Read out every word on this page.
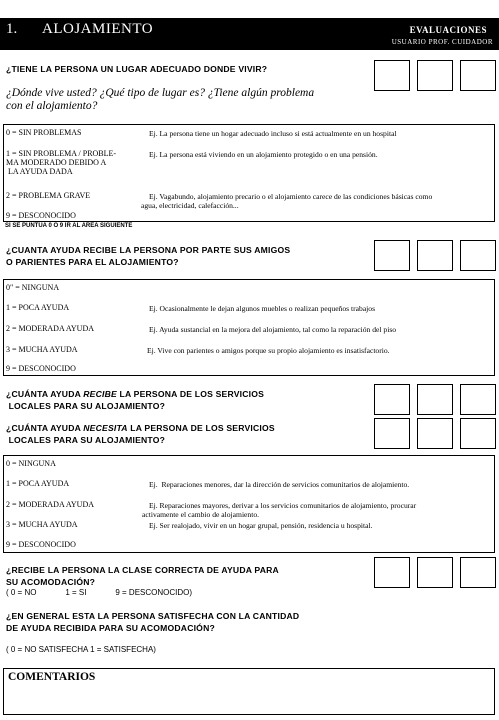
1. ALOJAMIENTO	EVALUACIONES
USUARIO PROF. CUIDADOR
¿TIENE LA PERSONA UN LUGAR ADECUADO DONDE VIVIR?
¿Dónde vive usted? ¿Qué tipo de lugar es? ¿Tiene algún problema
con el alojamiento?
0 = SIN PROBLEMAS	Ej. La persona tiene un hogar adecuado incluso si está actualmente en un hospital
1 = SIN PROBLEMA / PROBLE-
MA MODERADO DEBIDO A
LA AYUDA DADA
Ej. La persona está viviendo en un alojamiento protegido o en una pensión.
2 = PROBLEMA GRAVE	Ej. Vagabundo, alojamiento precario o el alojamiento carece de las condiciones básicas como
agua, electricidad, calefacción...
9 = DESCONOCIDO
SI SE PUNTUA 0 O 9 IR AL AREA SIGUIENTE
¿CUANTA AYUDA RECIBE LA PERSONA POR PARTE SUS AMIGOS
O PARIENTES PARA EL ALOJAMIENTO?
0" = NINGUNA
1 = POCA AYUDA	Ej. Ocasionalmente le dejan algunos muebles o realizan pequeños trabajos
2 = MODERADA AYUDA	Ej. Ayuda sustancial en la mejora del alojamiento, tal como la reparación del piso
3 = MUCHA AYUDA	Ej. Vive con parientes o amigos porque su propio alojamiento es insatisfactorio.
9 = DESCONOCIDO
¿CUÁNTA AYUDA RECIBE LA PERSONA DE LOS SERVICIOS
LOCALES PARA SU ALOJAMIENTO?
¿CUÁNTA AYUDA NECESITA LA PERSONA DE LOS SERVICIOS
LOCALES PARA SU ALOJAMIENTO?
0 = NINGUNA
1 = POCA AYUDA	Ej.  Reparaciones menores, dar la dirección de servicios comunitarios de alojamiento.
2 = MODERADA AYUDA	Ej. Reparaciones mayores, derivar a los servicios comunitarios de alojamiento, procurar
activamente el cambio de alojamiento.
3 = MUCHA AYUDA	Ej. Ser realojado, vivir en un hogar grupal, pensión, residencia u hospital.
9 = DESCONOCIDO
¿RECIBE LA PERSONA LA CLASE CORRECTA DE AYUDA PARA
SU ACOMODACIÓN?
( 0 = NO             1 = SI             9 = DESCONOCIDO)
¿EN GENERAL ESTA LA PERSONA SATISFECHA CON LA CANTIDAD
DE AYUDA RECIBIDA PARA SU ACOMODACIÓN?
( 0 = NO SATISFECHA 1 = SATISFECHA)
COMENTARIOS
